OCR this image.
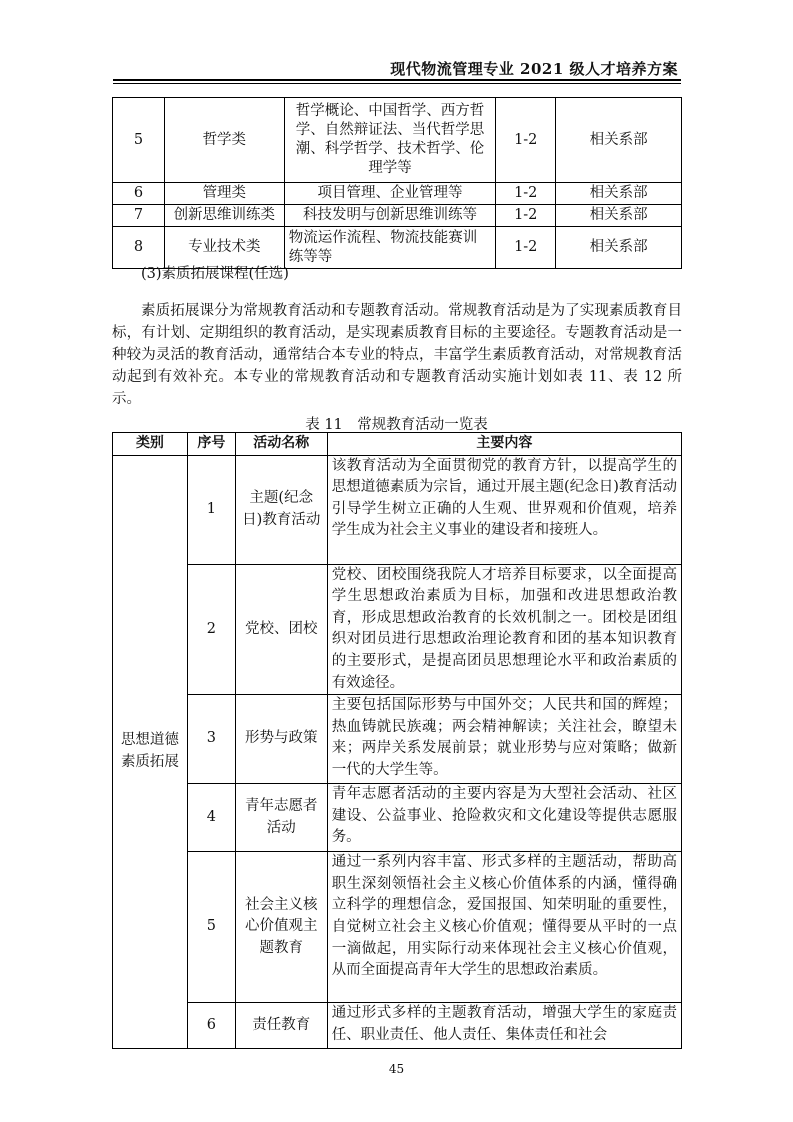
现代物流管理专业 2021 级人才培养方案
5	哲学类	哲学概论、中国哲学、西方哲学、自然辩证法、当代哲学思潮、科学哲学、技术哲学、伦理学等	1-2	相关系部
6	管理类	项目管理、企业管理等	1-2	相关系部
7	创新思维训练类	科技发明与创新思维训练等	1-2	相关系部
8	专业技术类	物流运作流程、物流技能赛训练等等	1-2	相关系部
(3)素质拓展课程(任选)

素质拓展课分为常规教育活动和专题教育活动。常规教育活动是为了实现素质教育目标，有计划、定期组织的教育活动，是实现素质教育目标的主要途径。专题教育活动是一种较为灵活的教育活动，通常结合本专业的特点，丰富学生素质教育活动，对常规教育活动起到有效补充。本专业的常规教育活动和专题教育活动实施计划如表 11、表 12 所示。

表 11　常规教育活动一览表
类别	序号	活动名称	主要内容
思想道德素质拓展	1	主题(纪念日)教育活动	该教育活动为全面贯彻党的教育方针，以提高学生的思想道德素质为宗旨，通过开展主题(纪念日)教育活动引导学生树立正确的人生观、世界观和价值观，培养学生成为社会主义事业的建设者和接班人。
	2	党校、团校	党校、团校围绕我院人才培养目标要求，以全面提高学生思想政治素质为目标，加强和改进思想政治教育，形成思想政治教育的长效机制之一。团校是团组织对团员进行思想政治理论教育和团的基本知识教育的主要形式，是提高团员思想理论水平和政治素质的有效途径。
	3	形势与政策	主要包括国际形势与中国外交；人民共和国的辉煌；热血铸就民族魂；两会精神解读；关注社会，瞭望未来；两岸关系发展前景；就业形势与应对策略；做新一代的大学生等。
	4	青年志愿者活动	青年志愿者活动的主要内容是为大型社会活动、社区建设、公益事业、抢险救灾和文化建设等提供志愿服务。
	5	社会主义核心价值观主题教育	通过一系列内容丰富、形式多样的主题活动，帮助高职生深刻领悟社会主义核心价值体系的内涵，懂得确立科学的理想信念，爱国报国、知荣明耻的重要性，自觉树立社会主义核心价值观；懂得要从平时的一点一滴做起，用实际行动来体现社会主义核心价值观，从而全面提高青年大学生的思想政治素质。
	6	责任教育	通过形式多样的主题教育活动，增强大学生的家庭责任、职业责任、他人责任、集体责任和社会
45
